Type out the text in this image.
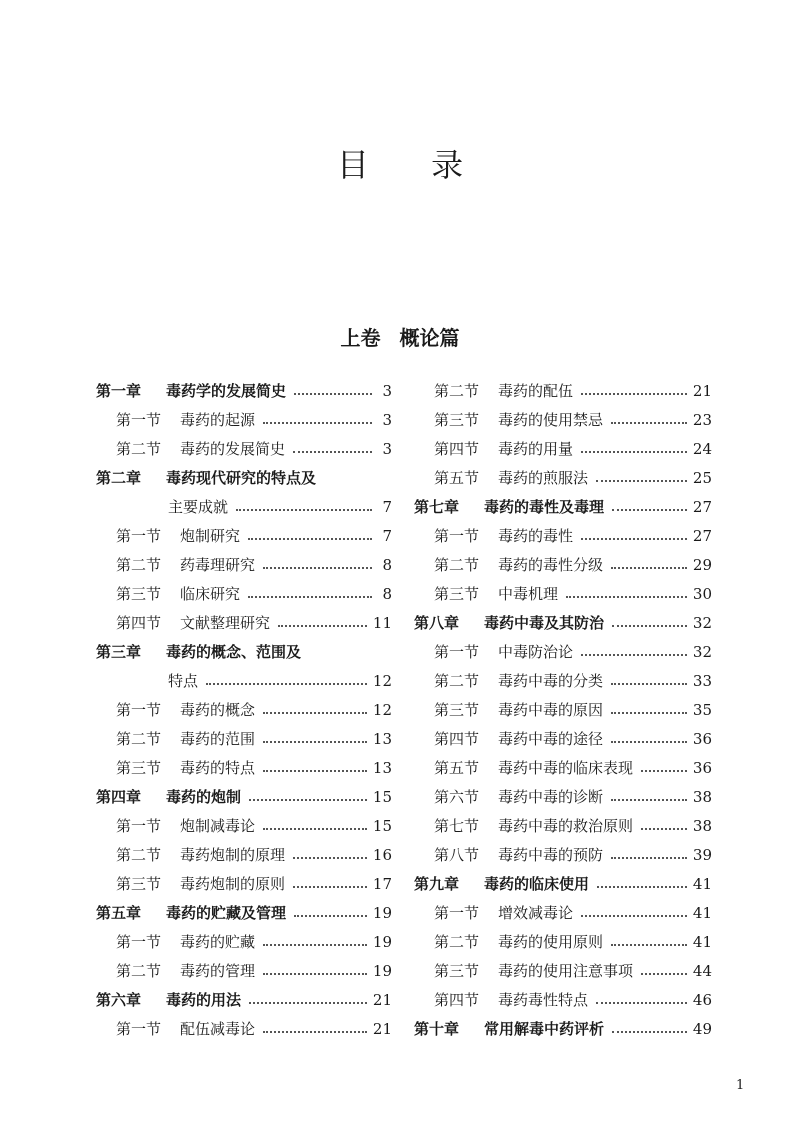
目 录
上卷 概论篇
第一章	毒药学的发展简史	3
第一节	毒药的起源	3
第二节	毒药的发展简史	3
第二章	毒药现代研究的特点及
主要成就	7
第一节	炮制研究	7
第二节	药毒理研究	8
第三节	临床研究	8
第四节	文献整理研究	11
第三章	毒药的概念、范围及
特点	12
第一节	毒药的概念	12
第二节	毒药的范围	13
第三节	毒药的特点	13
第四章	毒药的炮制	15
第一节	炮制减毒论	15
第二节	毒药炮制的原理	16
第三节	毒药炮制的原则	17
第五章	毒药的贮藏及管理	19
第一节	毒药的贮藏	19
第二节	毒药的管理	19
第六章	毒药的用法	21
第一节	配伍减毒论	21
第二节	毒药的配伍	21
第三节	毒药的使用禁忌	23
第四节	毒药的用量	24
第五节	毒药的煎服法	25
第七章	毒药的毒性及毒理	27
第一节	毒药的毒性	27
第二节	毒药的毒性分级	29
第三节	中毒机理	30
第八章	毒药中毒及其防治	32
第一节	中毒防治论	32
第二节	毒药中毒的分类	33
第三节	毒药中毒的原因	35
第四节	毒药中毒的途径	36
第五节	毒药中毒的临床表现	36
第六节	毒药中毒的诊断	38
第七节	毒药中毒的救治原则	38
第八节	毒药中毒的预防	39
第九章	毒药的临床使用	41
第一节	增效减毒论	41
第二节	毒药的使用原则	41
第三节	毒药的使用注意事项	44
第四节	毒药毒性特点	46
第十章	常用解毒中药评析	49
1
